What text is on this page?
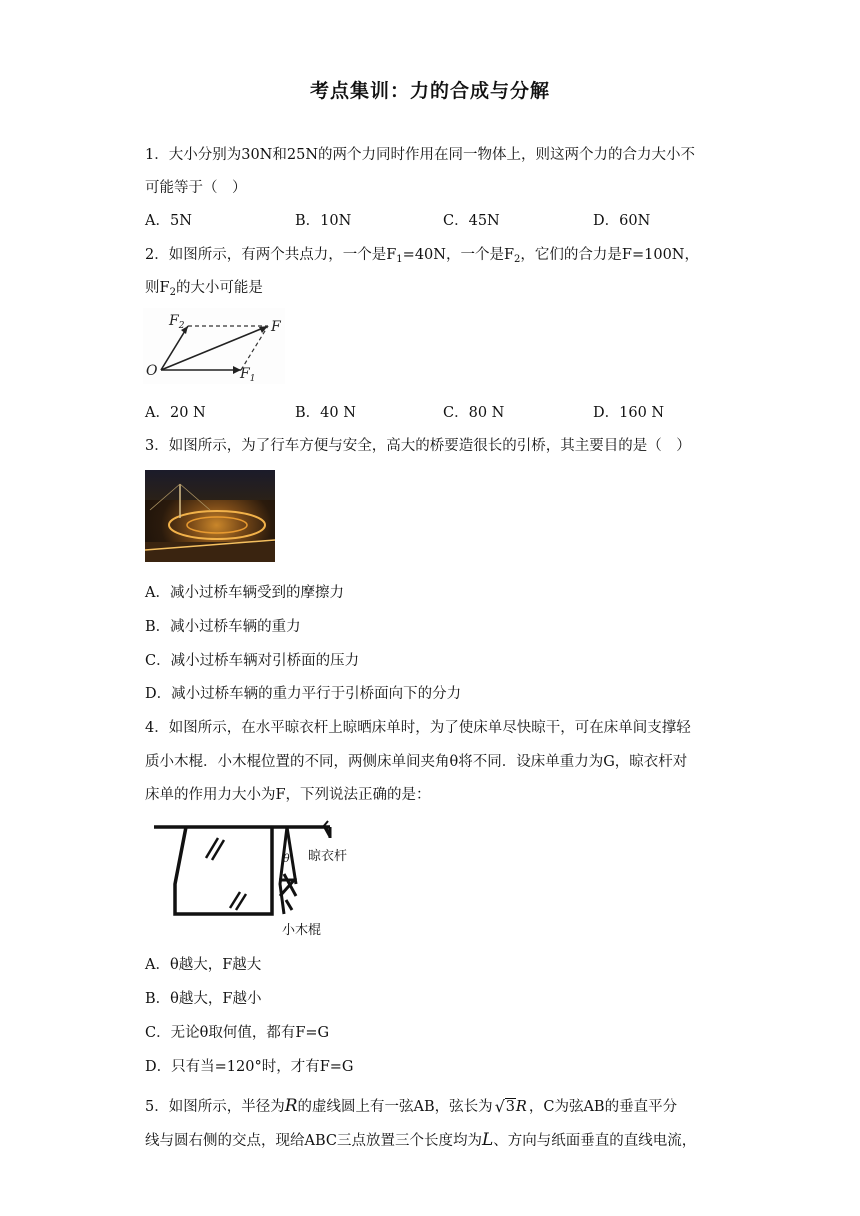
考点集训：力的合成与分解
1．大小分别为30N和25N的两个力同时作用在同一物体上，则这两个力的合力大小不
可能等于（　）
A．5N	B．10N	C．45N	D．60N
2．如图所示，有两个共点力，一个是$F_1=40N$，一个是$F_2$，它们的合力是F=100N，
则$F_2$的大小可能是
$F_2$	F
O	$F_1$
A．20 N	B．40 N	C．80 N	D．160 N
3．如图所示，为了行车方便与安全，高大的桥要造很长的引桥，其主要目的是（　）
A．减小过桥车辆受到的摩擦力
B．减小过桥车辆的重力
C．减小过桥车辆对引桥面的压力
D．减小过桥车辆的重力平行于引桥面向下的分力
4．如图所示，在水平晾衣杆上晾晒床单时，为了使床单尽快晾干，可在床单间支撑轻
质小木棍．小木棍位置的不同，两侧床单间夹角θ将不同．设床单重力为G，晾衣杆对
床单的作用力大小为F，下列说法正确的是：
θ 晾衣杆
小木棍
A．θ越大，F越大
B．θ越大，F越小
C．无论θ取何值，都有F=G
D．只有当=120°时，才有F=G
5．如图所示，半径为R的虚线圆上有一弦AB，弦长为 √ 3R ，C为弦AB的垂直平分
线与圆右侧的交点，现给ABC三点放置三个长度均为L、方向与纸面垂直的直线电流，
